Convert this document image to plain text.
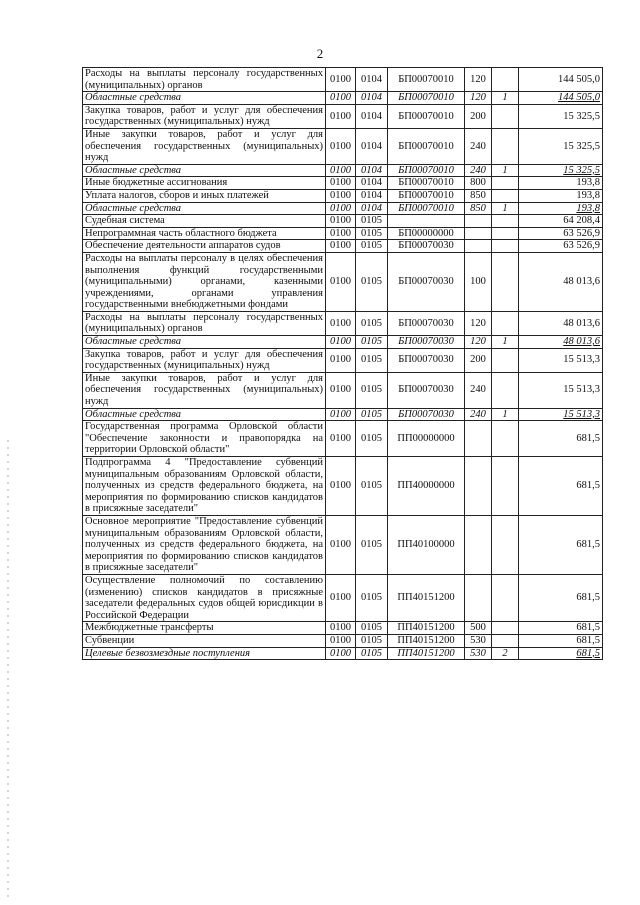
2
Расходы на выплаты персоналу государственных (муниципальных) органов	0100	0104	БП00070010	120		144 505,0
Областные средства	0100	0104	БП00070010	120	1	144 505,0
Закупка товаров, работ и услуг для обеспечения государственных (муниципальных) нужд	0100	0104	БП00070010	200		15 325,5
Иные закупки товаров, работ и услуг для обеспечения государственных (муниципальных) нужд	0100	0104	БП00070010	240		15 325,5
Областные средства	0100	0104	БП00070010	240	1	15 325,5
Иные бюджетные ассигнования	0100	0104	БП00070010	800		193,8
Уплата налогов, сборов и иных платежей	0100	0104	БП00070010	850		193,8
Областные средства	0100	0104	БП00070010	850	1	193,8
Судебная система	0100	0105				64 208,4
Непрограммная часть областного бюджета	0100	0105	БП00000000			63 526,9
Обеспечение деятельности аппаратов судов	0100	0105	БП00070030			63 526,9
Расходы на выплаты персоналу в целях обеспечения выполнения функций государственными (муниципальными) органами, казенными учреждениями, органами управления государственными внебюджетными фондами	0100	0105	БП00070030	100		48 013,6
Расходы на выплаты персоналу государственных (муниципальных) органов	0100	0105	БП00070030	120		48 013,6
Областные средства	0100	0105	БП00070030	120	1	48 013,6
Закупка товаров, работ и услуг для обеспечения государственных (муниципальных) нужд	0100	0105	БП00070030	200		15 513,3
Иные закупки товаров, работ и услуг для обеспечения государственных (муниципальных) нужд	0100	0105	БП00070030	240		15 513,3
Областные средства	0100	0105	БП00070030	240	1	15 513,3
Государственная программа Орловской области "Обеспечение законности и правопорядка на территории Орловской области"	0100	0105	ПП00000000			681,5
Подпрограмма 4 "Предоставление субвенций муниципальным образованиям Орловской области, полученных из средств федерального бюджета, на мероприятия по формированию списков кандидатов в присяжные заседатели"	0100	0105	ПП40000000			681,5
Основное мероприятие "Предоставление субвенций муниципальным образованиям Орловской области, полученных из средств федерального бюджета, на мероприятия по формированию списков кандидатов в присяжные заседатели"	0100	0105	ПП40100000			681,5
Осуществление полномочий по составлению (изменению) списков кандидатов в присяжные заседатели федеральных судов общей юрисдикции в Российской Федерации	0100	0105	ПП40151200			681,5
Межбюджетные трансферты	0100	0105	ПП40151200	500		681,5
Субвенции	0100	0105	ПП40151200	530		681,5
Целевые безвозмездные поступления	0100	0105	ПП40151200	530	2	681,5
